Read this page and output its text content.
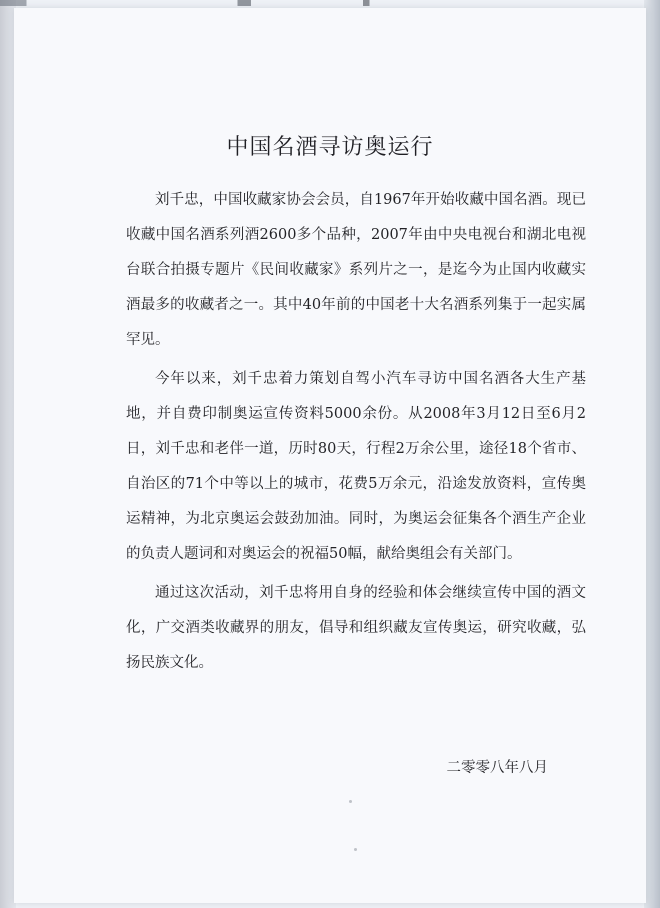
中国名酒寻访奥运行

刘千忠，中国收藏家协会会员，自1967年开始收藏中国名酒。现已收藏中国名酒系列酒2600多个品种，2007年由中央电视台和湖北电视台联合拍摄专题片《民间收藏家》系列片之一，是迄今为止国内收藏实酒最多的收藏者之一。其中40年前的中国老十大名酒系列集于一起实属罕见。

今年以来，刘千忠着力策划自驾小汽车寻访中国名酒各大生产基地，并自费印制奥运宣传资料5000余份。从2008年3月12日至6月2日，刘千忠和老伴一道，历时80天，行程2万余公里，途径18个省市、自治区的71个中等以上的城市，花费5万余元，沿途发放资料，宣传奥运精神，为北京奥运会鼓劲加油。同时，为奥运会征集各个酒生产企业的负责人题词和对奥运会的祝福50幅，献给奥组会有关部门。

通过这次活动，刘千忠将用自身的经验和体会继续宣传中国的酒文化，广交酒类收藏界的朋友，倡导和组织藏友宣传奥运，研究收藏，弘扬民族文化。

二零零八年八月
